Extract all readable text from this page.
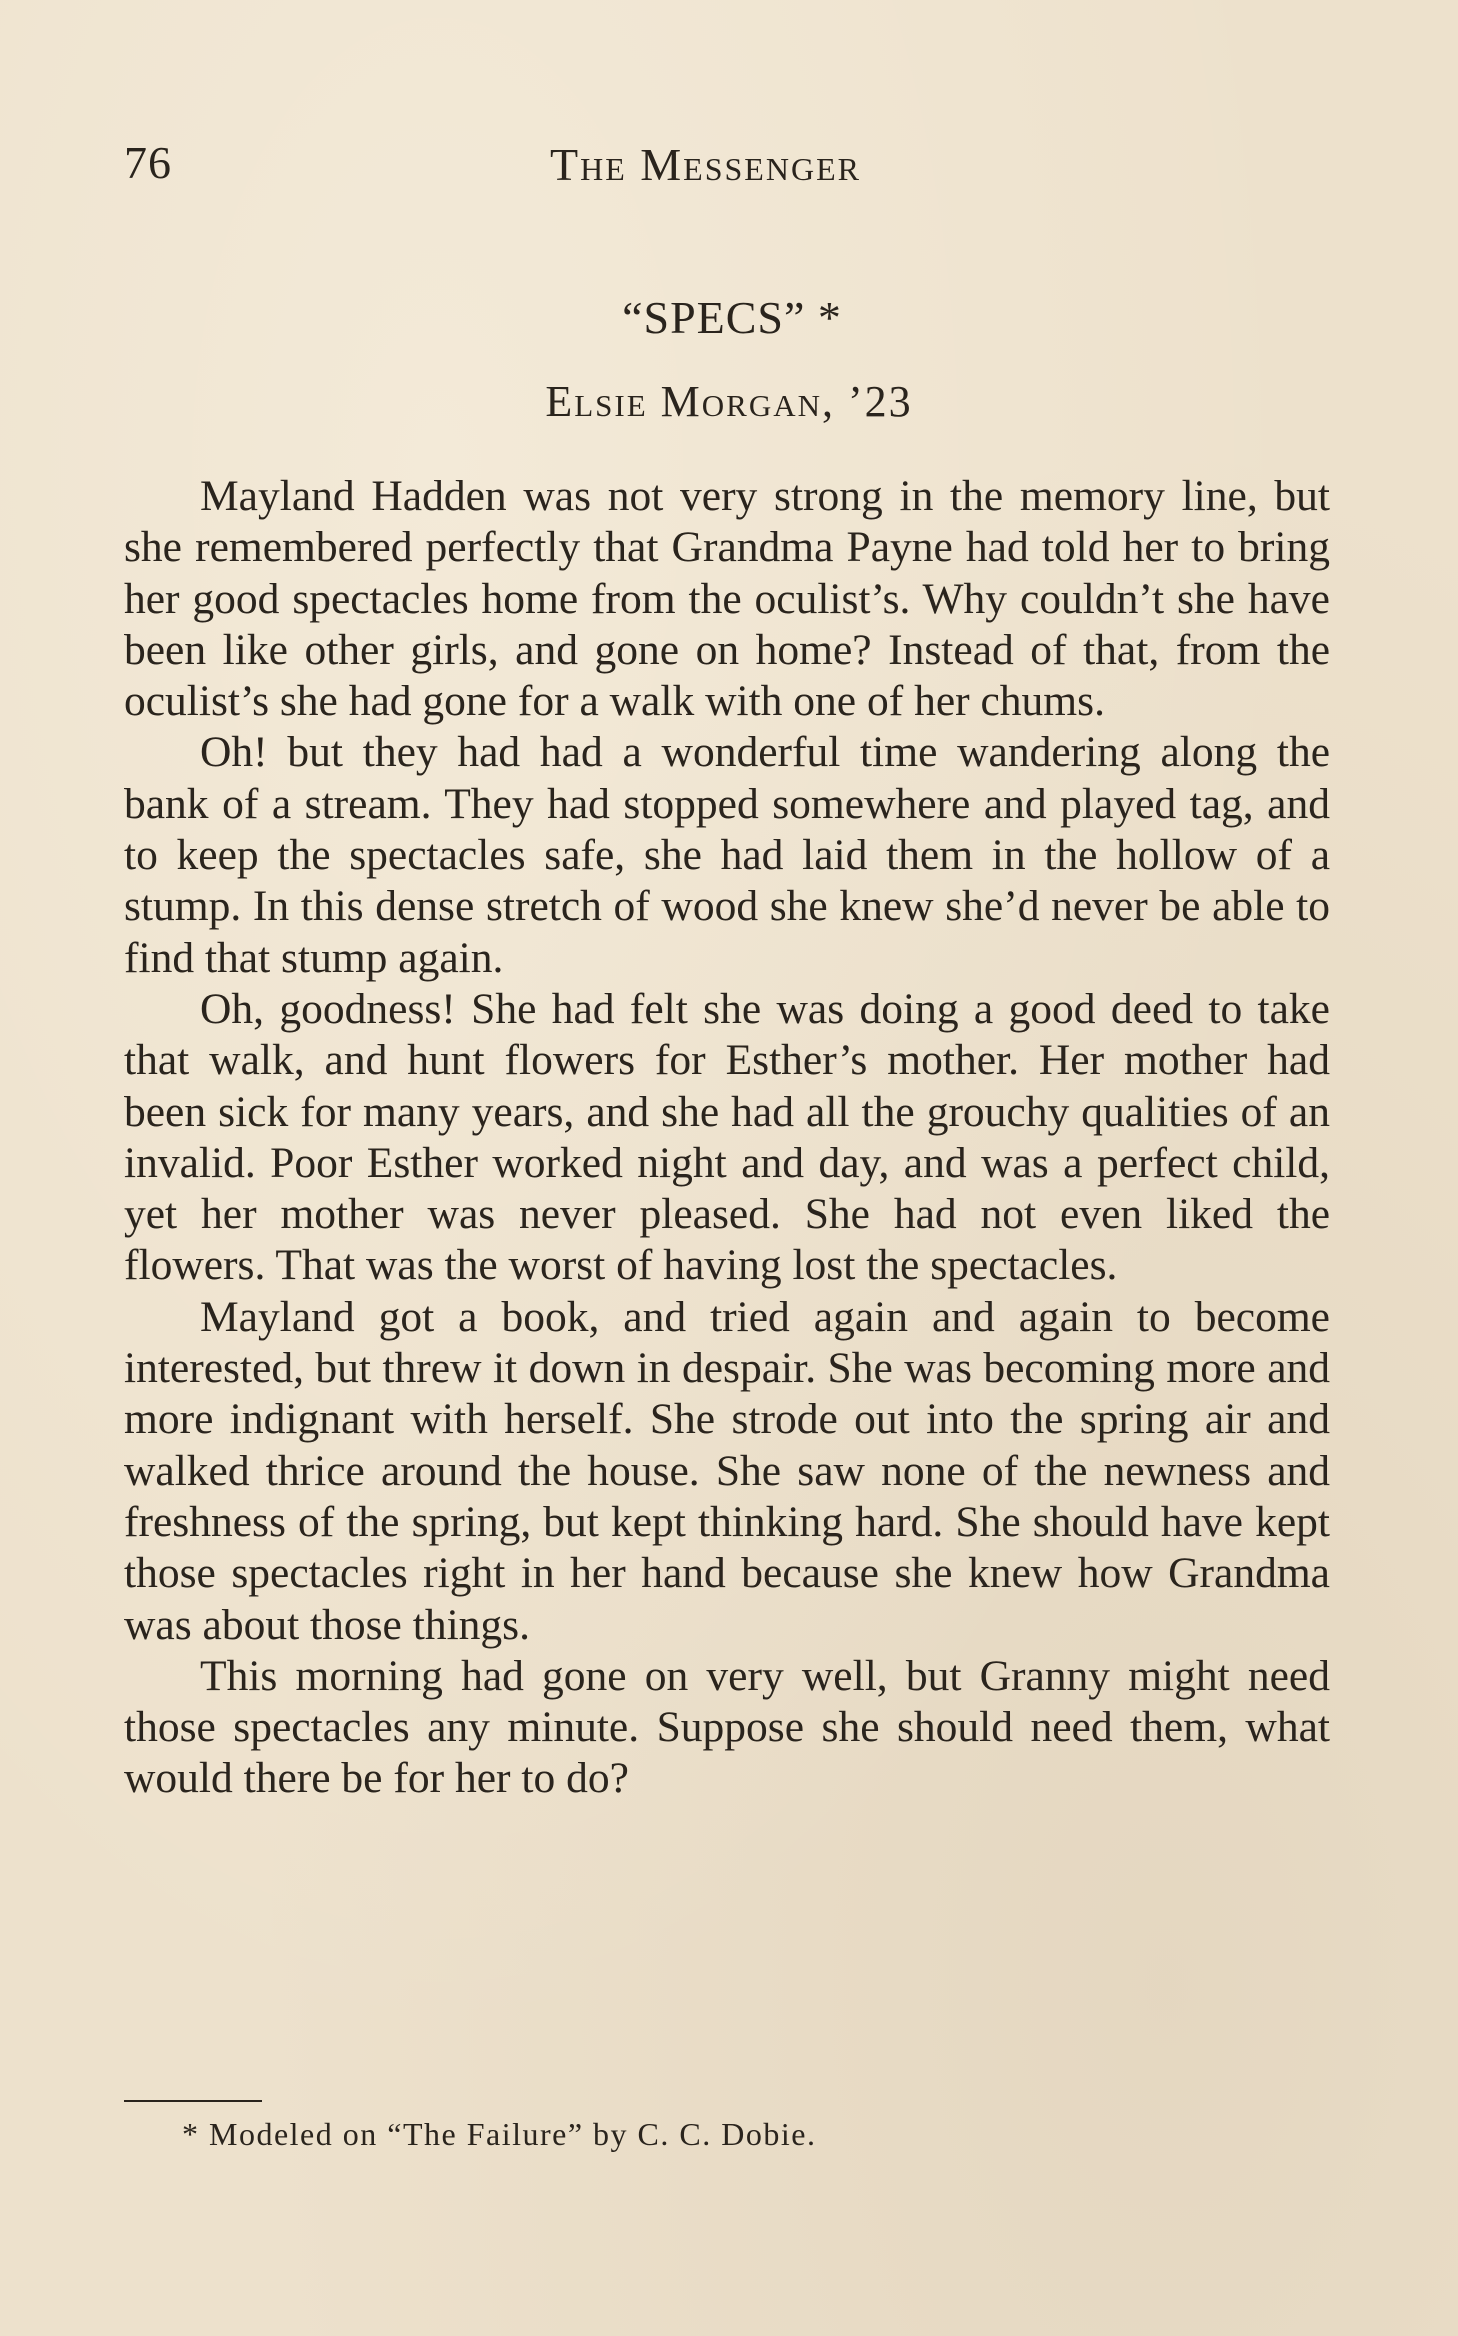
76	The Messenger
“SPECS” *
Elsie Morgan, ’23

Mayland Hadden was not very strong in the memory line, but she remembered perfectly that Grandma Payne had told her to bring her good spectacles home from the oculist’s. Why couldn’t she have been like other girls, and gone on home? Instead of that, from the oculist’s she had gone for a walk with one of her chums.

Oh! but they had had a wonderful time wandering along the bank of a stream. They had stopped somewhere and played tag, and to keep the spectacles safe, she had laid them in the hollow of a stump. In this dense stretch of wood she knew she’d never be able to find that stump again.

Oh, goodness! She had felt she was doing a good deed to take that walk, and hunt flowers for Esther’s mother. Her mother had been sick for many years, and she had all the grouchy qualities of an invalid. Poor Esther worked night and day, and was a perfect child, yet her mother was never pleased. She had not even liked the flowers. That was the worst of having lost the spectacles.

Mayland got a book, and tried again and again to become interested, but threw it down in despair. She was becoming more and more indignant with herself. She strode out into the spring air and walked thrice around the house. She saw none of the newness and freshness of the spring, but kept thinking hard. She should have kept those spectacles right in her hand because she knew how Grandma was about those things.

This morning had gone on very well, but Granny might need those spectacles any minute. Suppose she should need them, what would there be for her to do?

* Modeled on “The Failure” by C. C. Dobie.
